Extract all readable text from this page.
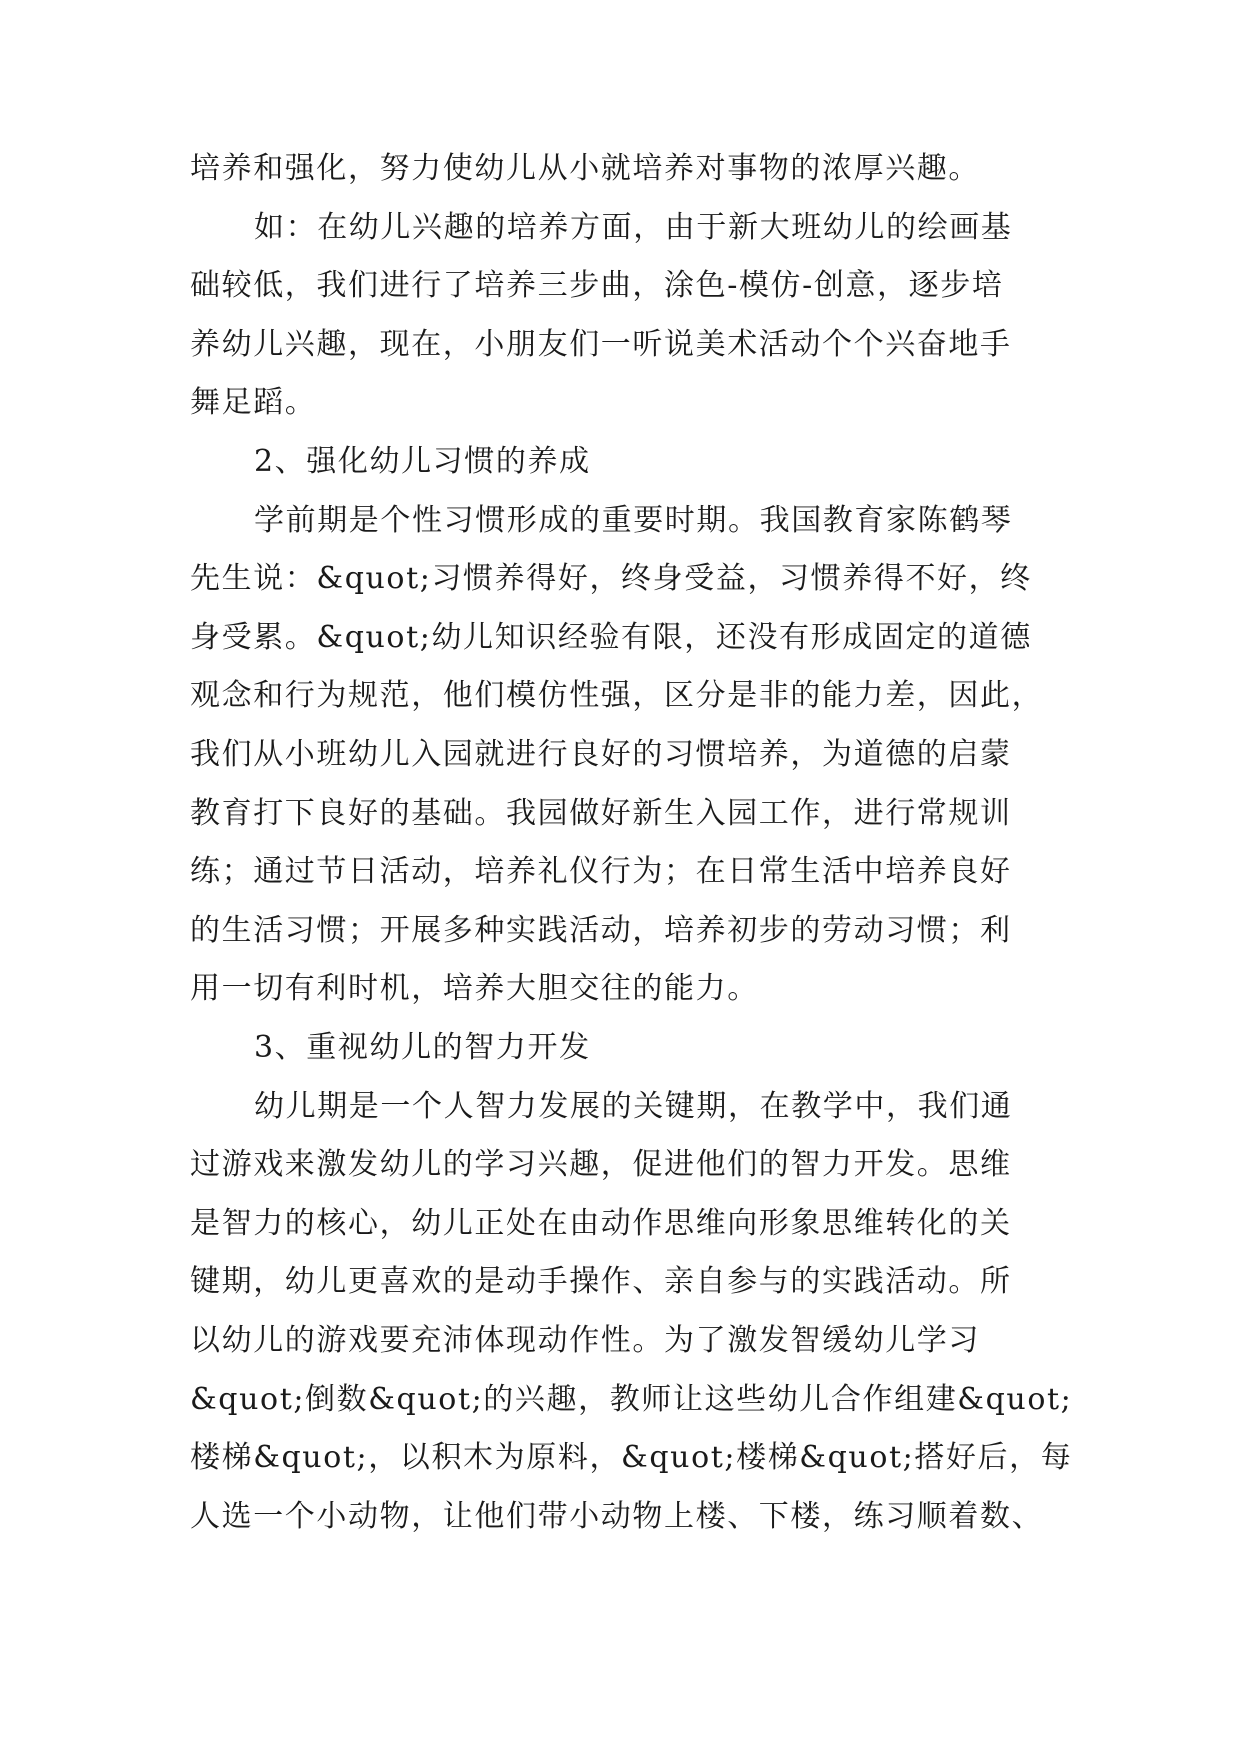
培养和强化，努力使幼儿从小就培养对事物的浓厚兴趣。

如：在幼儿兴趣的培养方面，由于新大班幼儿的绘画基

础较低，我们进行了培养三步曲，涂色-模仿-创意，逐步培

养幼儿兴趣，现在，小朋友们一听说美术活动个个兴奋地手

舞足蹈。

2、强化幼儿习惯的养成

学前期是个性习惯形成的重要时期。我国教育家陈鹤琴

先生说：&quot;习惯养得好，终身受益，习惯养得不好，终

身受累。&quot;幼儿知识经验有限，还没有形成固定的道德

观念和行为规范，他们模仿性强，区分是非的能力差，因此，

我们从小班幼儿入园就进行良好的习惯培养，为道德的启蒙

教育打下良好的基础。我园做好新生入园工作，进行常规训

练；通过节日活动，培养礼仪行为；在日常生活中培养良好

的生活习惯；开展多种实践活动，培养初步的劳动习惯；利

用一切有利时机，培养大胆交往的能力。

3、重视幼儿的智力开发

幼儿期是一个人智力发展的关键期，在教学中，我们通

过游戏来激发幼儿的学习兴趣，促进他们的智力开发。思维

是智力的核心，幼儿正处在由动作思维向形象思维转化的关

键期，幼儿更喜欢的是动手操作、亲自参与的实践活动。所

以幼儿的游戏要充沛体现动作性。为了激发智缓幼儿学习

&quot;倒数&quot;的兴趣，教师让这些幼儿合作组建&quot;

楼梯&quot;，以积木为原料，&quot;楼梯&quot;搭好后，每

人选一个小动物，让他们带小动物上楼、下楼，练习顺着数、
